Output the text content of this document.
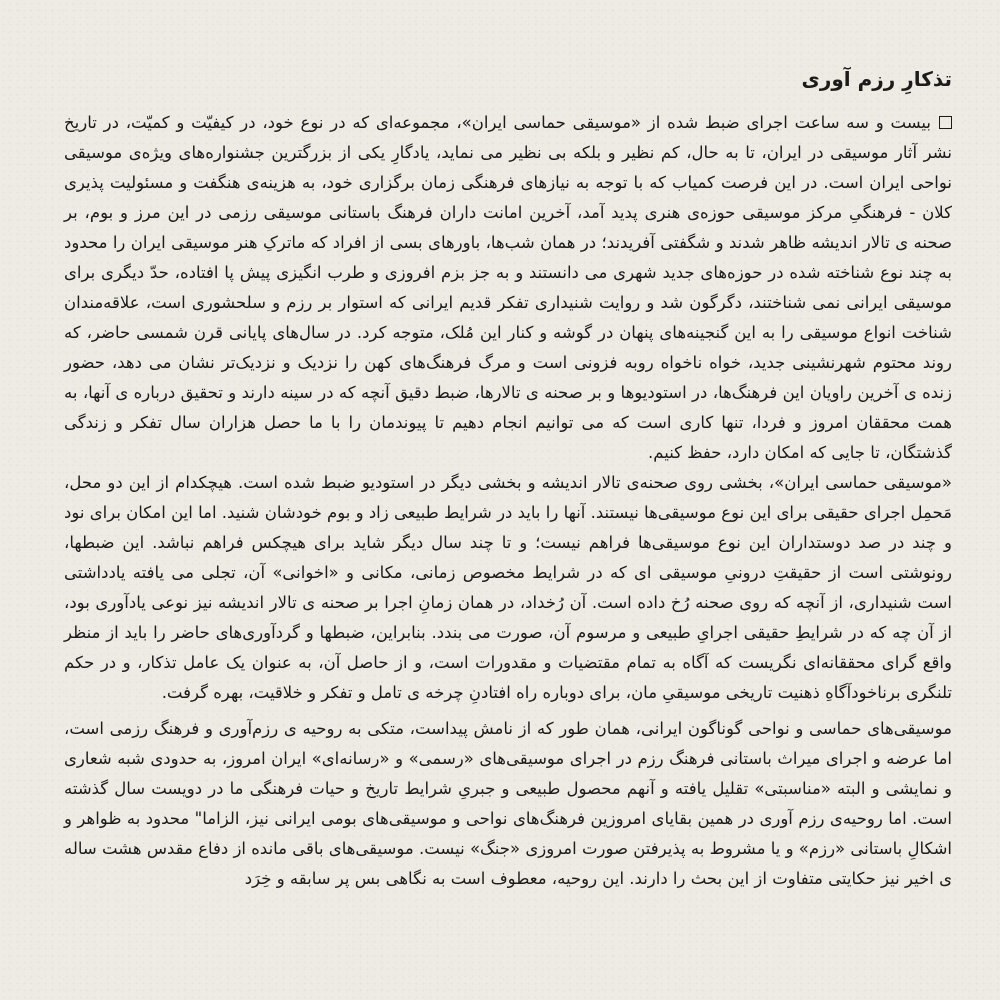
تذکارِ رزم آوری

بیست و سه ساعت اجرای ضبط شده از «موسیقی حماسی ایران»، مجموعه‌ای که در نوع خود، در کیفیّت و کمیّت، در تاریخ نشر آثار موسیقی در ایران، تا به حال، کم نظیر و بلکه بی نظیر می نماید، یادگارِ یکی از بزرگترین جشنواره‌های ویژه‌ی موسیقی نواحی ایران است. در این فرصت کمیاب که با توجه به نیازهای فرهنگی زمان برگزاری خود، به هزینه‌ی هنگفت و مسئولیت پذیری کلان - فرهنگیِ مرکز موسیقی حوزه‌ی هنری پدید آمد، آخرین امانت داران فرهنگ باستانی موسیقی رزمی در این مرز و بوم، بر صحنه ی تالار اندیشه ظاهر شدند و شگفتی آفریدند؛ در همان شب‌ها، باورهای بسی از افراد که ماترکِ هنر موسیقی ایران را محدود به چند نوع شناخته شده در حوزه‌های جدید شهری می دانستند و به جز بزم افروزی و طرب انگیزی پیش پا افتاده، حدّ دیگری برای موسیقی ایرانی نمی شناختند، دگرگون شد و روایت شنیداری تفکر قدیم ایرانی که استوار بر رزم و سلحشوری است، علاقه‌مندان شناخت انواع موسیقی را به این گنجینه‌های پنهان در گوشه و کنار این مُلک، متوجه کرد. در سال‌های پایانی قرن شمسی حاضر، که روند محتوم شهرنشینی جدید، خواه ناخواه روبه فزونی است و مرگ فرهنگ‌های کهن را نزدیک و نزدیک‌تر نشان می دهد، حضور زنده ی آخرین راویان این فرهنگ‌ها، در استودیوها و بر صحنه ی تالارها، ضبط دقیق آنچه که در سینه دارند و تحقیق درباره ی آنها، به همت محققان امروز و فردا، تنها کاری است که می توانیم انجام دهیم تا پیوندمان را با ما حصل هزاران سال تفکر و زندگی گذشتگان، تا جایی که امکان دارد، حفظ کنیم.

«موسیقی حماسی ایران»، بخشی روی صحنه‌ی تالار اندیشه و بخشی دیگر در استودیو ضبط شده است. هیچکدام از این دو محل، مَحمِل اجرای حقیقی برای این نوع موسیقی‌ها نیستند. آنها را باید در شرایط طبیعی زاد و بوم خودشان شنید. اما این امکان برای نود و چند در صد دوستداران این نوع موسیقی‌ها فراهم نیست؛ و تا چند سال دیگر شاید برای هیچکس فراهم نباشد. این ضبطها، رونوشتی است از حقیقتِ درونیِ موسیقی ای که در شرایط مخصوص زمانی، مکانی و «اخوانی» آن، تجلی می یافته یادداشتی است شنیداری، از آنچه که روی صحنه رُخ داده است. آن رُخداد، در همان زمانِ اجرا بر صحنه ی تالار اندیشه نیز نوعی یادآوری بود، از آن چه که در شرایطِ حقیقی اجرایِ طبیعی و مرسوم آن، صورت می بندد. بنابراین، ضبطها و گردآوری‌های حاضر را باید از منظر واقع گرای محققانه‌ای نگریست که آگاه به تمام مقتضیات و مقدورات است، و از حاصل آن، به عنوان یک عامل تذکار، و در حکم تلنگری برناخودآگاهِ ذهنیت تاریخی موسیقیِ مان، برای دوباره راه افتادنِ چرخه ی تامل و تفکر و خلاقیت، بهره گرفت.

موسیقی‌های حماسی و نواحی گوناگون ایرانی، همان طور که از نامش پیداست، متکی به روحیه ی رزم‌آوری و فرهنگ رزمی است، اما عرضه و اجرای میراث باستانی فرهنگ رزم در اجرای موسیقی‌های «رسمی» و «رسانه‌ای» ایران امروز، به حدودی شبه شعاری و نمایشی و البته «مناسبتی» تقلیل یافته و آنهم محصول طبیعی و جبریِ شرایط تاریخ و حیات فرهنگی ما در دویست سال گذشته است. اما روحیه‌ی رزم آوری در همین بقایای امروزین فرهنگ‌های نواحی و موسیقی‌های بومی ایرانی نیز، الزاما" محدود به ظواهر و اشکالِ باستانی «رزم» و یا مشروط به پذیرفتن صورت امروزی «جنگ» نیست. موسیقی‌های باقی مانده از دفاع مقدس هشت ساله ی اخیر نیز حکایتی متفاوت از این بحث را دارند. این روحیه، معطوف است به نگاهی بس پر سابقه و خِرَد
